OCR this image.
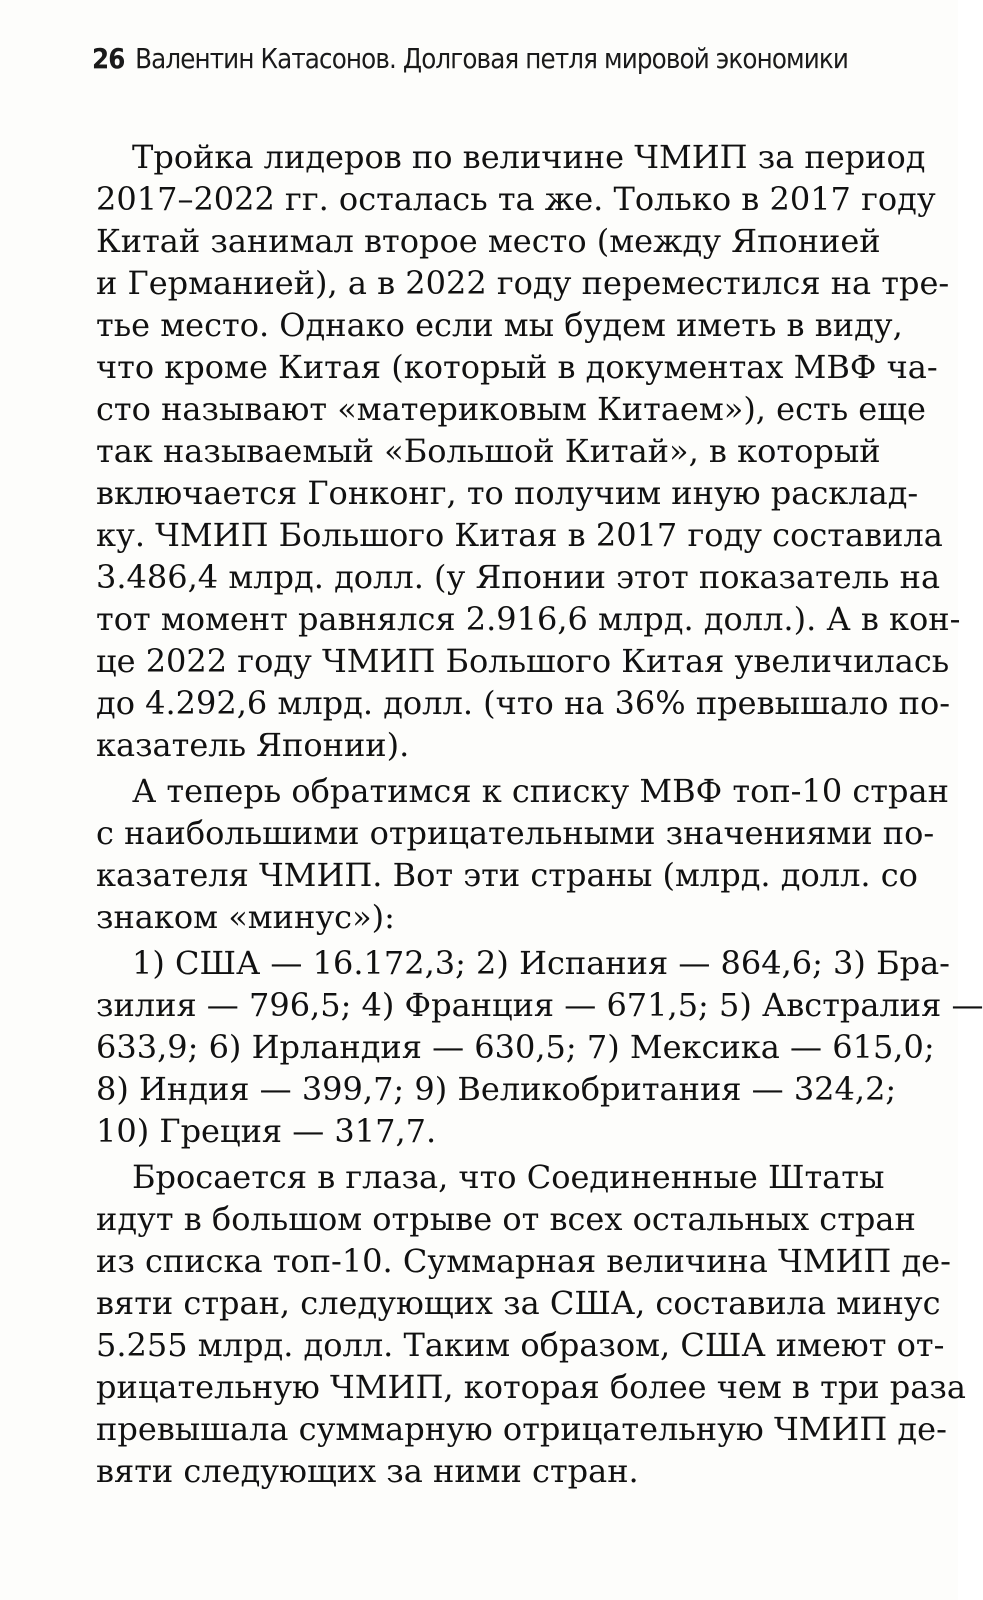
26 Валентин Катасонов. Долговая петля мировой экономики
Тройка лидеров по величине ЧМИП за период
2017–2022 гг. осталась та же. Только в 2017 году
Китай занимал второе место (между Японией
и Германией), а в 2022 году переместился на тре-
тье место. Однако если мы будем иметь в виду,
что кроме Китая (который в документах МВФ ча-
сто называют «материковым Китаем»), есть еще
так называемый «Большой Китай», в который
включается Гонконг, то получим иную расклад-
ку. ЧМИП Большого Китая в 2017 году составила
3.486,4 млрд. долл. (у Японии этот показатель на
тот момент равнялся 2.916,6 млрд. долл.). А в кон-
це 2022 году ЧМИП Большого Китая увеличилась
до 4.292,6 млрд. долл. (что на 36% превышало по-
казатель Японии).
А теперь обратимся к списку МВФ топ-10 стран
с наибольшими отрицательными значениями по-
казателя ЧМИП. Вот эти страны (млрд. долл. со
знаком «минус»):
1) США — 16.172,3; 2) Испания — 864,6; 3) Бра-
зилия — 796,5; 4) Франция — 671,5; 5) Австралия —
633,9; 6) Ирландия — 630,5; 7) Мексика — 615,0;
8) Индия — 399,7; 9) Великобритания — 324,2;
10) Греция — 317,7.
Бросается в глаза, что Соединенные Штаты
идут в большом отрыве от всех остальных стран
из списка топ-10. Суммарная величина ЧМИП де-
вяти стран, следующих за США, составила минус
5.255 млрд. долл. Таким образом, США имеют от-
рицательную ЧМИП, которая более чем в три раза
превышала суммарную отрицательную ЧМИП де-
вяти следующих за ними стран.
